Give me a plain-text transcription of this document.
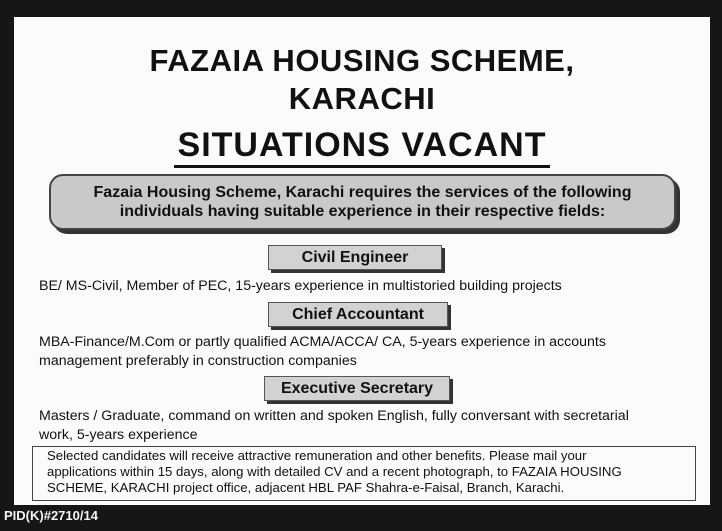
FAZAIA HOUSING SCHEME,
KARACHI
SITUATIONS VACANT
Fazaia Housing Scheme, Karachi requires the services of the following
individuals having suitable experience in their respective fields:
Civil Engineer
BE/ MS-Civil, Member of PEC, 15-years experience in multistoried building projects
Chief Accountant
MBA-Finance/M.Com or partly qualified ACMA/ACCA/ CA, 5-years experience in accounts
management preferably in construction companies
Executive Secretary
Masters / Graduate, command on written and spoken English, fully conversant with secretarial
work, 5-years experience
Selected candidates will receive attractive remuneration and other benefits. Please mail your
applications within 15 days, along with detailed CV and a recent photograph, to FAZAIA HOUSING
SCHEME, KARACHI project office, adjacent HBL PAF Shahra-e-Faisal, Branch, Karachi.
PID(K)#2710/14
